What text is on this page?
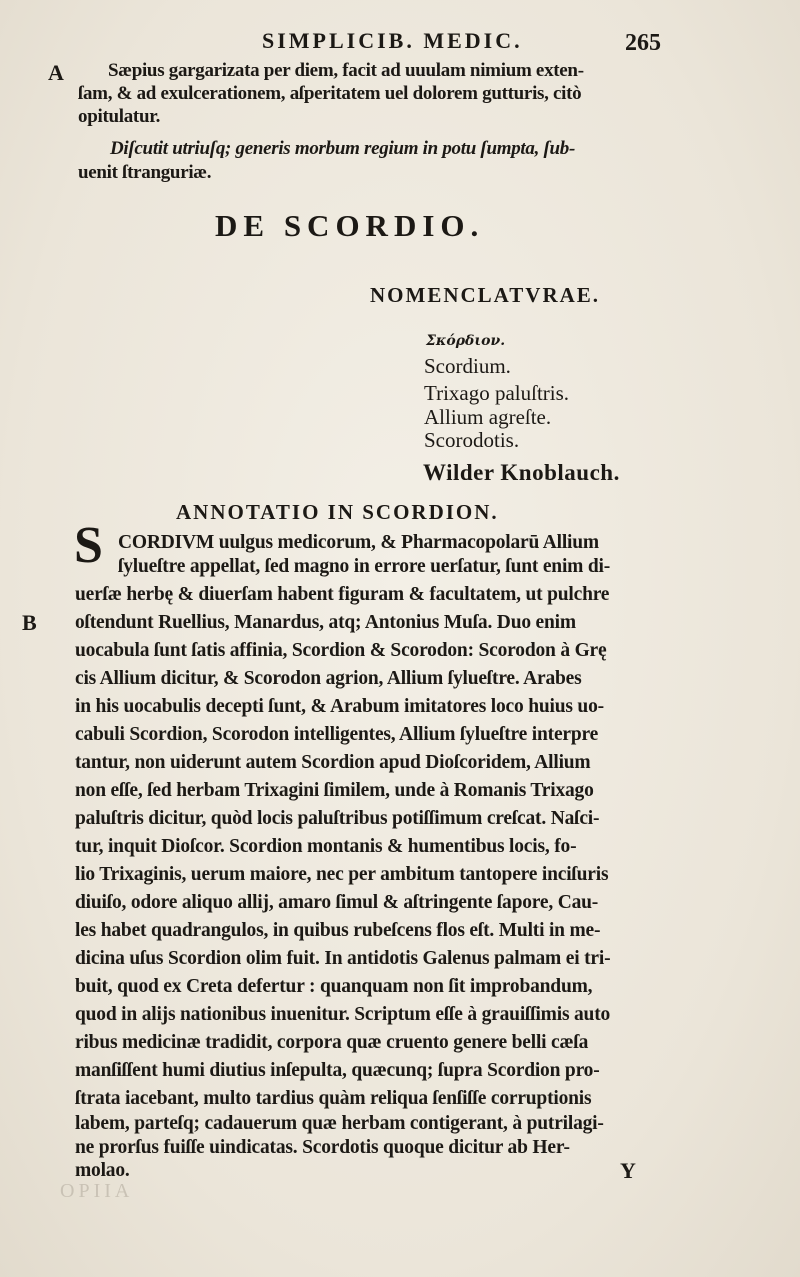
SIMPLICIB. MEDIC.	265
A Sæpius gargarizata per diem, facit ad uuulam nimium exten-
ſam, & ad exulcerationem, aſperitatem uel dolorem gutturis, citò
opitulatur.
Diſcutit utriuſq; generis morbum regium in potu ſumpta, ſub-
uenit ſtranguriæ.
DE SCORDIO.
NOMENCLATVRAE.
Σκόρδιον.
Scordium.
Trixago paluſtris.
Allium agreſte.
Scorodotis.
Wilder Knoblauch.
ANNOTATIO IN SCORDION.
S
B
CORDIVM uulgus medicorum, & Pharmacopolarū Allium
ſylueſtre appellat, ſed magno in errore uerſatur, ſunt enim di-
uerſæ herbę & diuerſam habent figuram & facultatem, ut pulchre
oſtendunt Ruellius, Manardus, atq; Antonius Muſa. Duo enim
uocabula ſunt ſatis affinia, Scordion & Scorodon: Scorodon à Grę
cis Allium dicitur, & Scorodon agrion, Allium ſylueſtre. Arabes
in his uocabulis decepti ſunt, & Arabum imitatores loco huius uo-
cabuli Scordion, Scorodon intelligentes, Allium ſylueſtre interpre
tantur, non uiderunt autem Scordion apud Dioſcoridem, Allium
non eſſe, ſed herbam Trixagini ſimilem, unde à Romanis Trixago
paluſtris dicitur, quòd locis paluſtribus potiſſimum creſcat. Naſci-
tur, inquit Dioſcor. Scordion montanis & humentibus locis, fo-
lio Trixaginis, uerum maiore, nec per ambitum tantopere inciſuris
diuiſo, odore aliquo allij, amaro ſimul & aſtringente ſapore, Cau-
les habet quadrangulos, in quibus rubeſcens flos eſt. Multi in me-
dicina uſus Scordion olim fuit. In antidotis Galenus palmam ei tri-
buit, quod ex Creta defertur : quanquam non ſit improbandum,
quod in alijs nationibus inuenitur. Scriptum eſſe à grauiſſimis auto
ribus medicinæ tradidit, corpora quæ cruento genere belli cæſa
manſiſſent humi diutius inſepulta, quæcunq; ſupra Scordion pro-
ſtrata iacebant, multo tardius quàm reliqua ſenſiſſe corruptionis
labem, parteſq; cadauerum quæ herbam contigerant, à putrilagi-
ne prorſus fuiſſe uindicatas. Scordotis quoque dicitur ab Her-
molao.
OPIIA
Y
